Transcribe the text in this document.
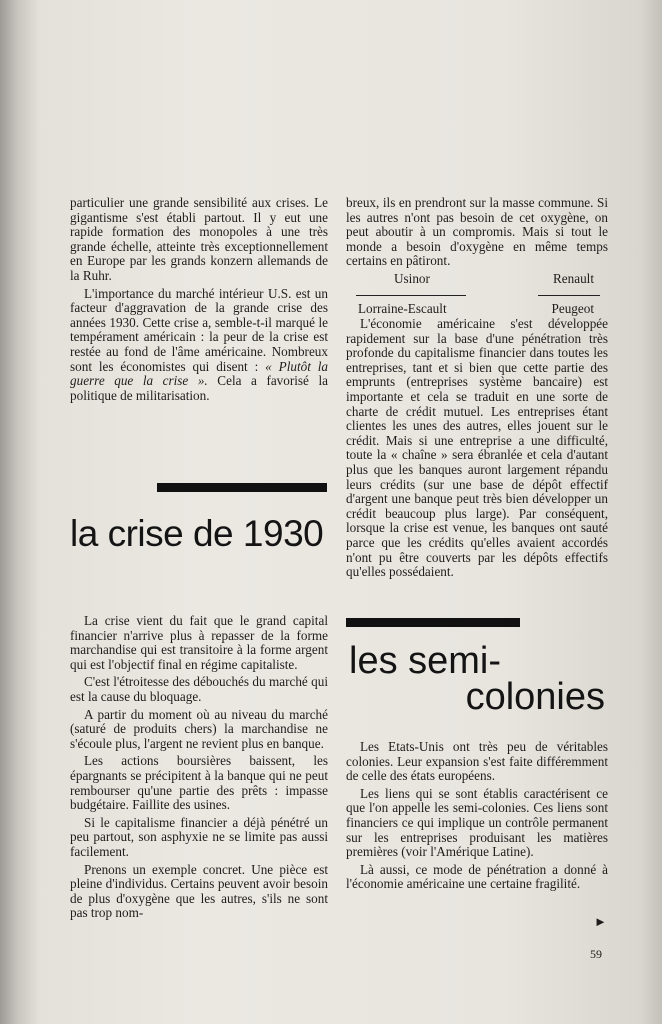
particulier une grande sensibilité aux crises. Le gigantisme s'est établi partout. Il y eut une rapide formation des monopoles à une très grande échelle, atteinte très exceptionnellement en Europe par les grands konzern allemands de la Ruhr.

L'importance du marché intérieur U.S. est un facteur d'aggravation de la grande crise des années 1930. Cette crise a, semble-t-il marqué le tempérament américain : la peur de la crise est restée au fond de l'âme américaine. Nombreux sont les économistes qui disent : « Plutôt la guerre que la crise ». Cela a favorisé la politique de militarisation.

la crise de 1930

La crise vient du fait que le grand capital financier n'arrive plus à repasser de la forme marchandise qui est transitoire à la forme argent qui est l'objectif final en régime capitaliste.

C'est l'étroitesse des débouchés du marché qui est la cause du bloquage.

A partir du moment où au niveau du marché (saturé de produits chers) la marchandise ne s'écoule plus, l'argent ne revient plus en banque.

Les actions boursières baissent, les épargnants se précipitent à la banque qui ne peut rembourser qu'une partie des prêts : impasse budgétaire. Faillite des usines.

Si le capitalisme financier a déjà pénétré un peu partout, son asphyxie ne se limite pas aussi facilement.

Prenons un exemple concret. Une pièce est pleine d'individus. Certains peuvent avoir besoin de plus d'oxygène que les autres, s'ils ne sont pas trop nom-

breux, ils en prendront sur la masse commune. Si les autres n'ont pas besoin de cet oxygène, on peut aboutir à un compromis. Mais si tout le monde a besoin d'oxygène en même temps certains en pâtiront.

Usinor	Renault
Lorraine-Escault	Peugeot

L'économie américaine s'est développée rapidement sur la base d'une pénétration très profonde du capitalisme financier dans toutes les entreprises, tant et si bien que cette partie des emprunts (entreprises système bancaire) est importante et cela se traduit en une sorte de charte de crédit mutuel. Les entreprises étant clientes les unes des autres, elles jouent sur le crédit. Mais si une entreprise a une difficulté, toute la « chaîne » sera ébranlée et cela d'autant plus que les banques auront largement répandu leurs crédits (sur une base de dépôt effectif d'argent une banque peut très bien développer un crédit beaucoup plus large). Par conséquent, lorsque la crise est venue, les banques ont sauté parce que les crédits qu'elles avaient accordés n'ont pu être couverts par les dépôts effectifs qu'elles possédaient.

les semi-
colonies

Les Etats-Unis ont très peu de véritables colonies. Leur expansion s'est faite différemment de celle des états européens.

Les liens qui se sont établis caractérisent ce que l'on appelle les semi-colonies. Ces liens sont financiers ce qui implique un contrôle permanent sur les entreprises produisant les matières premières (voir l'Amérique Latine).

Là aussi, ce mode de pénétration a donné à l'économie américaine une certaine fragilité.

►
59
